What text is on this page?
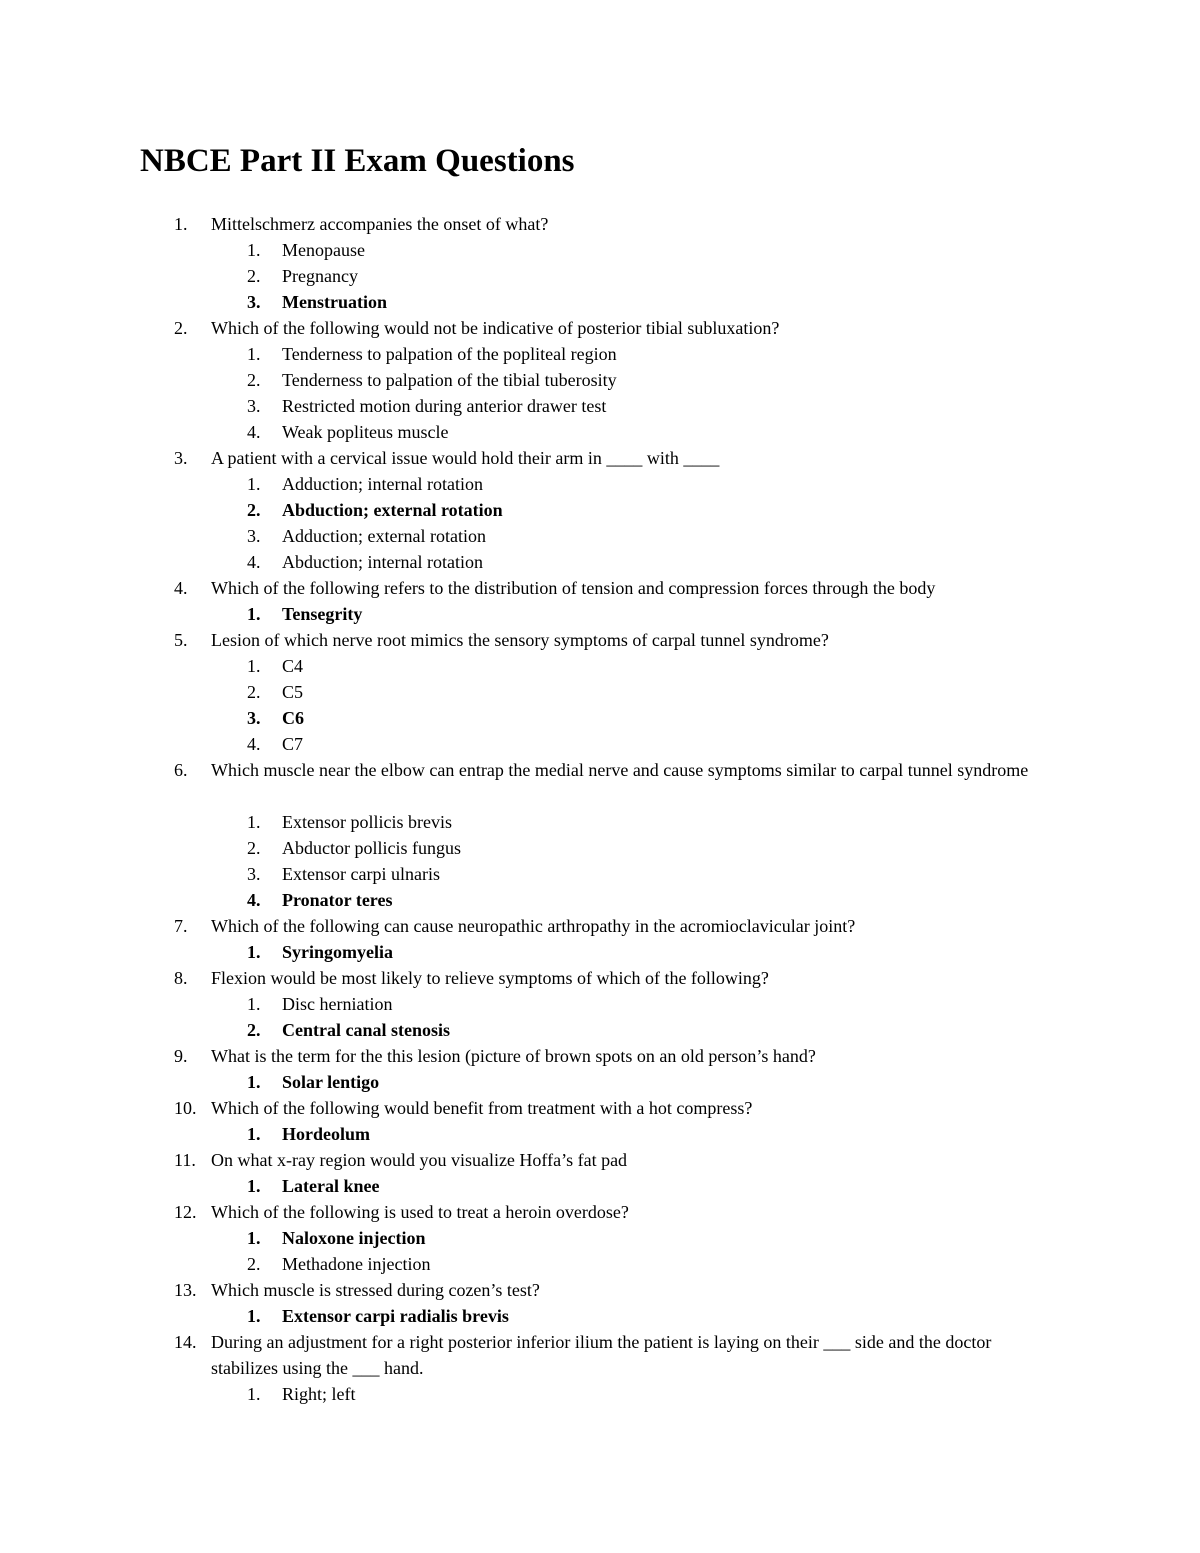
NBCE Part II Exam Questions
1. Mittelschmerz accompanies the onset of what?
1. Menopause
2. Pregnancy
3. Menstruation
2. Which of the following would not be indicative of posterior tibial subluxation?
1. Tenderness to palpation of the popliteal region
2. Tenderness to palpation of the tibial tuberosity
3. Restricted motion during anterior drawer test
4. Weak popliteus muscle
3. A patient with a cervical issue would hold their arm in ____ with ____
1. Adduction; internal rotation
2. Abduction; external rotation
3. Adduction; external rotation
4. Abduction; internal rotation
4. Which of the following refers to the distribution of tension and compression forces through the body
1. Tensegrity
5. Lesion of which nerve root mimics the sensory symptoms of carpal tunnel syndrome?
1. C4
2. C5
3. C6
4. C7
6. Which muscle near the elbow can entrap the medial nerve and cause symptoms similar to carpal tunnel syndrome
1. Extensor pollicis brevis
2. Abductor pollicis fungus
3. Extensor carpi ulnaris
4. Pronator teres
7. Which of the following can cause neuropathic arthropathy in the acromioclavicular joint?
1. Syringomyelia
8. Flexion would be most likely to relieve symptoms of which of the following?
1. Disc herniation
2. Central canal stenosis
9. What is the term for the this lesion (picture of brown spots on an old person’s hand?
1. Solar lentigo
10. Which of the following would benefit from treatment with a hot compress?
1. Hordeolum
11. On what x-ray region would you visualize Hoffa’s fat pad
1. Lateral knee
12. Which of the following is used to treat a heroin overdose?
1. Naloxone injection
2. Methadone injection
13. Which muscle is stressed during cozen’s test?
1. Extensor carpi radialis brevis
14. During an adjustment for a right posterior inferior ilium the patient is laying on their ___ side and the doctor stabilizes using the ___ hand.
1. Right; left
